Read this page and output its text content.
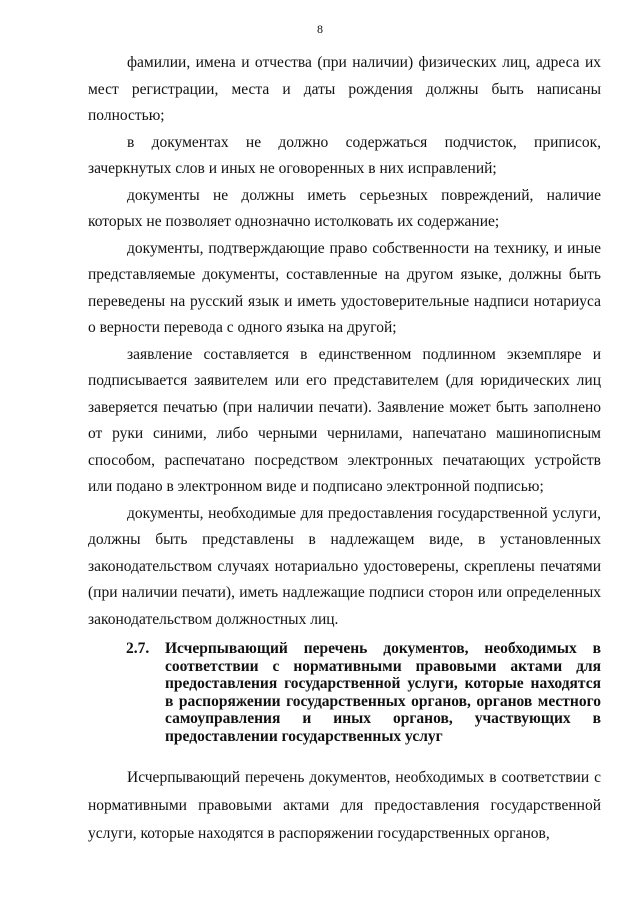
8

фамилии, имена и отчества (при наличии) физических лиц, адреса их мест регистрации, места и даты рождения должны быть написаны полностью;

в документах не должно содержаться подчисток, приписок, зачеркнутых слов и иных не оговоренных в них исправлений;

документы не должны иметь серьезных повреждений, наличие которых не позволяет однозначно истолковать их содержание;

документы, подтверждающие право собственности на технику, и иные представляемые документы, составленные на другом языке, должны быть переведены на русский язык и иметь удостоверительные надписи нотариуса о верности перевода с одного языка на другой;

заявление составляется в единственном подлинном экземпляре и подписывается заявителем или его представителем (для юридических лиц заверяется печатью (при наличии печати). Заявление может быть заполнено от руки синими, либо черными чернилами, напечатано машинописным способом, распечатано посредством электронных печатающих устройств или подано в электронном виде и подписано электронной подписью;

документы, необходимые для предоставления государственной услуги, должны быть представлены в надлежащем виде, в установленных законодательством случаях нотариально удостоверены, скреплены печатями (при наличии печати), иметь надлежащие подписи сторон или определенных законодательством должностных лиц.

2.7. Исчерпывающий перечень документов, необходимых в соответствии с нормативными правовыми актами для предоставления государственной услуги, которые находятся в распоряжении государственных органов, органов местного самоуправления и иных органов, участвующих в предоставлении государственных услуг

Исчерпывающий перечень документов, необходимых в соответствии с нормативными правовыми актами для предоставления государственной услуги, которые находятся в распоряжении государственных органов,
